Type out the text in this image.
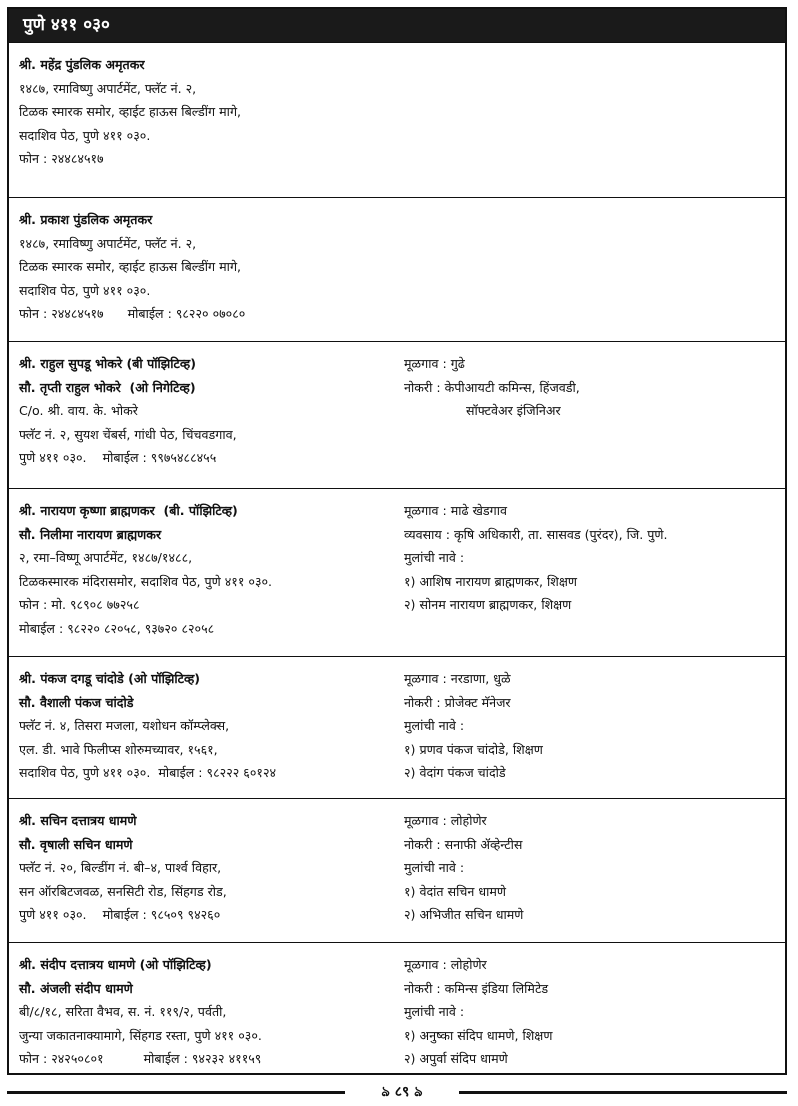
पुणे ४११ ०३०
श्री. महेंद्र पुंडलिक अमृतकर
१४८७, रमाविष्णु अपार्टमेंट, फ्लॅट नं. २,
टिळक स्मारक समोर, व्हाईट हाऊस बिल्डींग मागे,
सदाशिव पेठ, पुणे ४११ ०३०.
फोन : २४४८४५१७
श्री. प्रकाश पुंडलिक अमृतकर
१४८७, रमाविष्णु अपार्टमेंट, फ्लॅट नं. २,
टिळक स्मारक समोर, व्हाईट हाऊस बिल्डींग मागे,
सदाशिव पेठ, पुणे ४११ ०३०.
फोन : २४४८४५१७      मोबाईल : ९८२२० ०७०८०
श्री. राहुल सुपडू भोकरे (बी पॉझिटिव्ह)
सौ. तृप्ती राहुल भोकरे  (ओ निगेटिव्ह)
C/o. श्री. वाय. के. भोकरे
फ्लॅट नं. २, सुयश चेंबर्स, गांधी पेठ, चिंचवडगाव,
पुणे ४११ ०३०.    मोबाईल : ९९७५४८८४५५
मूळगाव : गुढे
नोकरी : केपीआयटी कमिन्स, हिंजवडी,
सॉफ्टवेअर इंजिनिअर
श्री. नारायण कृष्णा ब्राह्मणकर  (बी. पॉझिटिव्ह)
सौ. निलीमा नारायण ब्राह्मणकर
२, रमा–विष्णू अपार्टमेंट, १४८७/१४८८,
टिळकस्मारक मंदिरासमोर, सदाशिव पेठ, पुणे ४११ ०३०.
फोन : मो. ९८९०८ ७७२५८
मोबाईल : ९८२२० ८२०५८, ९३७२० ८२०५८
मूळगाव : माढे खेडगाव
व्यवसाय : कृषि अधिकारी, ता. सासवड (पुरंदर), जि. पुणे.
मुलांची नावे :
१) आशिष नारायण ब्राह्मणकर, शिक्षण
२) सोनम नारायण ब्राह्मणकर, शिक्षण
श्री. पंकज दगडू चांदोडे (ओ पॉझिटिव्ह)
सौ. वैशाली पंकज चांदोडे
फ्लॅट नं. ४, तिसरा मजला, यशोधन कॉम्प्लेक्स,
एल. डी. भावे फिलीप्स शोरुमच्यावर, १५६१,
सदाशिव पेठ, पुणे ४११ ०३०.  मोबाईल : ९८२२२ ६०१२४
मूळगाव : नरडाणा, धुळे
नोकरी : प्रोजेक्ट मॅनेजर
मुलांची नावे :
१) प्रणव पंकज चांदोडे, शिक्षण
२) वेदांग पंकज चांदोडे
श्री. सचिन दत्तात्रय धामणे
सौ. वृषाली सचिन धामणे
फ्लॅट नं. २०, बिल्डींग नं. बी–४, पार्श्व विहार,
सन ऑरबिटजवळ, सनसिटी रोड, सिंहगड रोड,
पुणे ४११ ०३०.    मोबाईल : ९८५०९ ९४२६०
मूळगाव : लोहोणेर
नोकरी : सनाफी ॲव्हेन्टीस
मुलांची नावे :
१) वेदांत सचिन धामणे
२) अभिजीत सचिन धामणे
श्री. संदीप दत्तात्रय धामणे (ओ पॉझिटिव्ह)
सौ. अंजली संदीप धामणे
बी/८/१८, सरिता वैभव, स. नं. ११९/२, पर्वती,
जुन्या जकातनाक्यामागे, सिंहगड रस्ता, पुणे ४११ ०३०.
फोन : २४२५०८०१          मोबाईल : ९४२३२ ४११५९
मूळगाव : लोहोणेर
नोकरी : कमिन्स इंडिया लिमिटेड
मुलांची नावे :
१) अनुष्का संदिप धामणे, शिक्षण
२) अपुर्वा संदिप धामणे
ঌ ८९ ঌ
